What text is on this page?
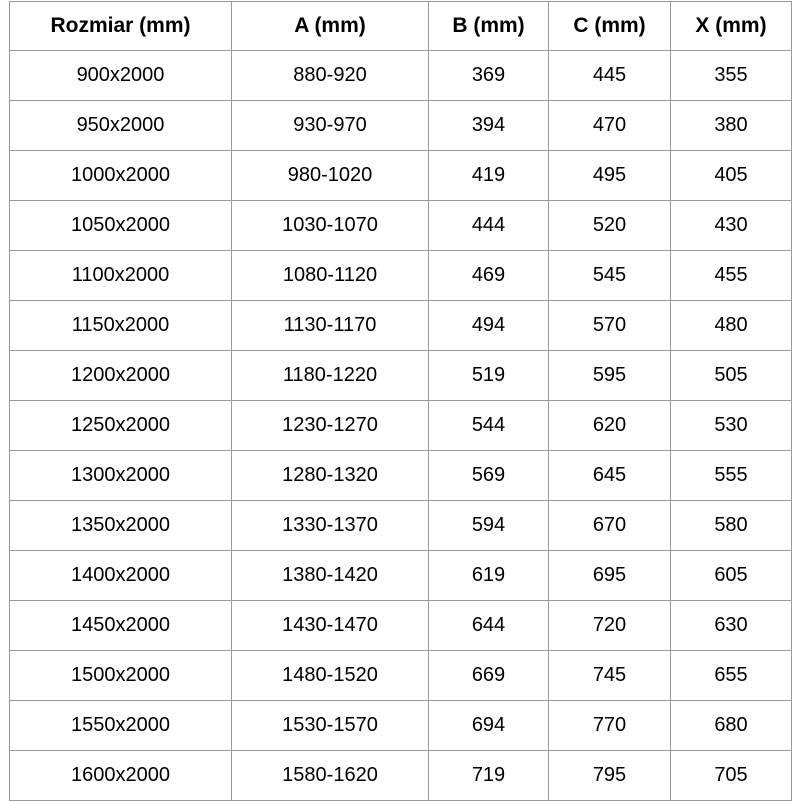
Rozmiar (mm)	A (mm)	B (mm)	C (mm)	X (mm)
900x2000	880-920	369	445	355
950x2000	930-970	394	470	380
1000x2000	980-1020	419	495	405
1050x2000	1030-1070	444	520	430
1100x2000	1080-1120	469	545	455
1150x2000	1130-1170	494	570	480
1200x2000	1180-1220	519	595	505
1250x2000	1230-1270	544	620	530
1300x2000	1280-1320	569	645	555
1350x2000	1330-1370	594	670	580
1400x2000	1380-1420	619	695	605
1450x2000	1430-1470	644	720	630
1500x2000	1480-1520	669	745	655
1550x2000	1530-1570	694	770	680
1600x2000	1580-1620	719	795	705
